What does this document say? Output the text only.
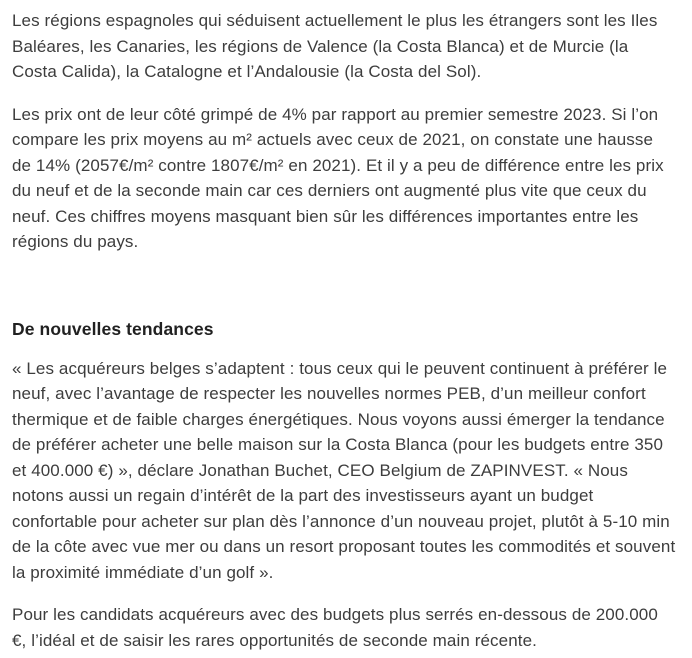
Les régions espagnoles qui séduisent actuellement le plus les étrangers sont les Iles Baléares, les Canaries, les régions de Valence (la Costa Blanca) et de Murcie (la Costa Calida), la Catalogne et l’Andalousie (la Costa del Sol).

Les prix ont de leur côté grimpé de 4% par rapport au premier semestre 2023. Si l’on compare les prix moyens au m² actuels avec ceux de 2021, on constate une hausse de 14% (2057€/m² contre 1807€/m² en 2021). Et il y a peu de différence entre les prix du neuf et de la seconde main car ces derniers ont augmenté plus vite que ceux du neuf. Ces chiffres moyens masquant bien sûr les différences importantes entre les régions du pays.

De nouvelles tendances

« Les acquéreurs belges s’adaptent : tous ceux qui le peuvent continuent à préférer le neuf, avec l’avantage de respecter les nouvelles normes PEB, d’un meilleur confort thermique et de faible charges énergétiques. Nous voyons aussi émerger la tendance de préférer acheter une belle maison sur la Costa Blanca (pour les budgets entre 350 et 400.000 €) », déclare Jonathan Buchet, CEO Belgium de ZAPINVEST. « Nous notons aussi un regain d’intérêt de la part des investisseurs ayant un budget confortable pour acheter sur plan dès l’annonce d’un nouveau projet, plutôt à 5-10 min de la côte avec vue mer ou dans un resort proposant toutes les commodités et souvent la proximité immédiate d’un golf ».

Pour les candidats acquéreurs avec des budgets plus serrés en-dessous de 200.000 €, l’idéal et de saisir les rares opportunités de seconde main récente.
